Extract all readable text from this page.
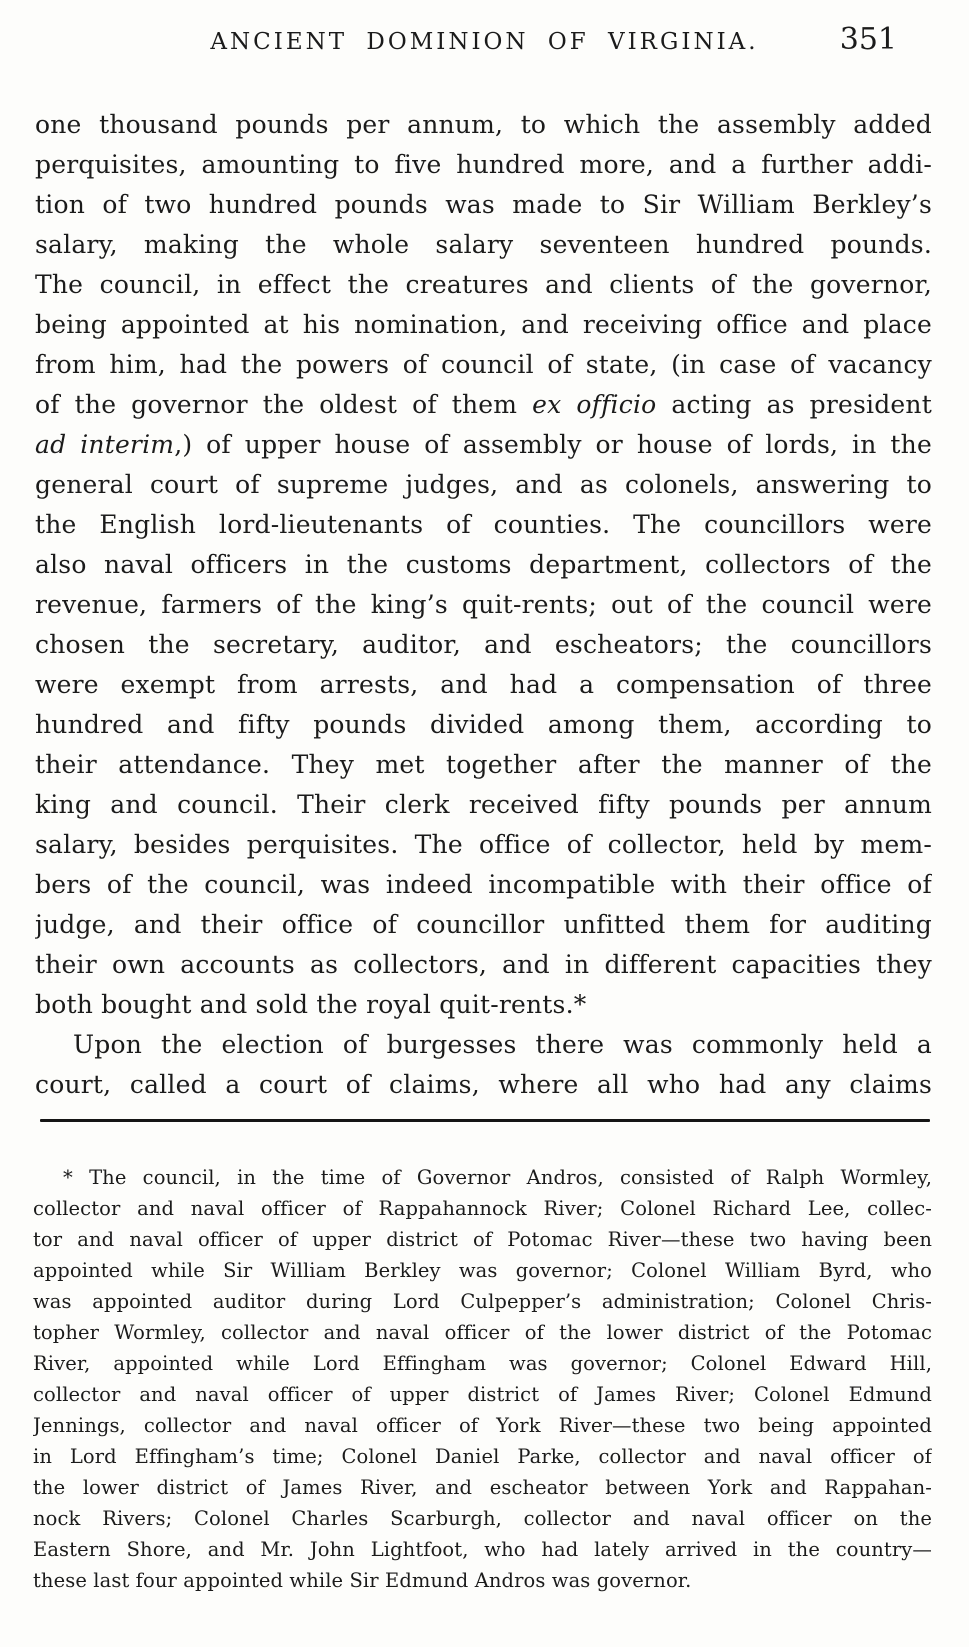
ANCIENT DOMINION OF VIRGINIA.	351
one thousand pounds per annum, to which the assembly added
perquisites, amounting to five hundred more, and a further addi-
tion of two hundred pounds was made to Sir William Berkley’s
salary, making the whole salary seventeen hundred pounds.
The council, in effect the creatures and clients of the governor,
being appointed at his nomination, and receiving office and place
from him, had the powers of council of state, (in case of vacancy
of the governor the oldest of them ex officio acting as president
ad interim,) of upper house of assembly or house of lords, in the
general court of supreme judges, and as colonels, answering to
the English lord-lieutenants of counties. The councillors were
also naval officers in the customs department, collectors of the
revenue, farmers of the king’s quit-rents; out of the council were
chosen the secretary, auditor, and escheators; the councillors
were exempt from arrests, and had a compensation of three
hundred and fifty pounds divided among them, according to
their attendance. They met together after the manner of the
king and council. Their clerk received fifty pounds per annum
salary, besides perquisites. The office of collector, held by mem-
bers of the council, was indeed incompatible with their office of
judge, and their office of councillor unfitted them for auditing
their own accounts as collectors, and in different capacities they
both bought and sold the royal quit-rents.*
Upon the election of burgesses there was commonly held a
court, called a court of claims, where all who had any claims
* The council, in the time of Governor Andros, consisted of Ralph Wormley,
collector and naval officer of Rappahannock River; Colonel Richard Lee, collec-
tor and naval officer of upper district of Potomac River—these two having been
appointed while Sir William Berkley was governor; Colonel William Byrd, who
was appointed auditor during Lord Culpepper’s administration; Colonel Chris-
topher Wormley, collector and naval officer of the lower district of the Potomac
River, appointed while Lord Effingham was governor; Colonel Edward Hill,
collector and naval officer of upper district of James River; Colonel Edmund
Jennings, collector and naval officer of York River—these two being appointed
in Lord Effingham’s time; Colonel Daniel Parke, collector and naval officer of
the lower district of James River, and escheator between York and Rappahan-
nock Rivers; Colonel Charles Scarburgh, collector and naval officer on the
Eastern Shore, and Mr. John Lightfoot, who had lately arrived in the country—
these last four appointed while Sir Edmund Andros was governor.
